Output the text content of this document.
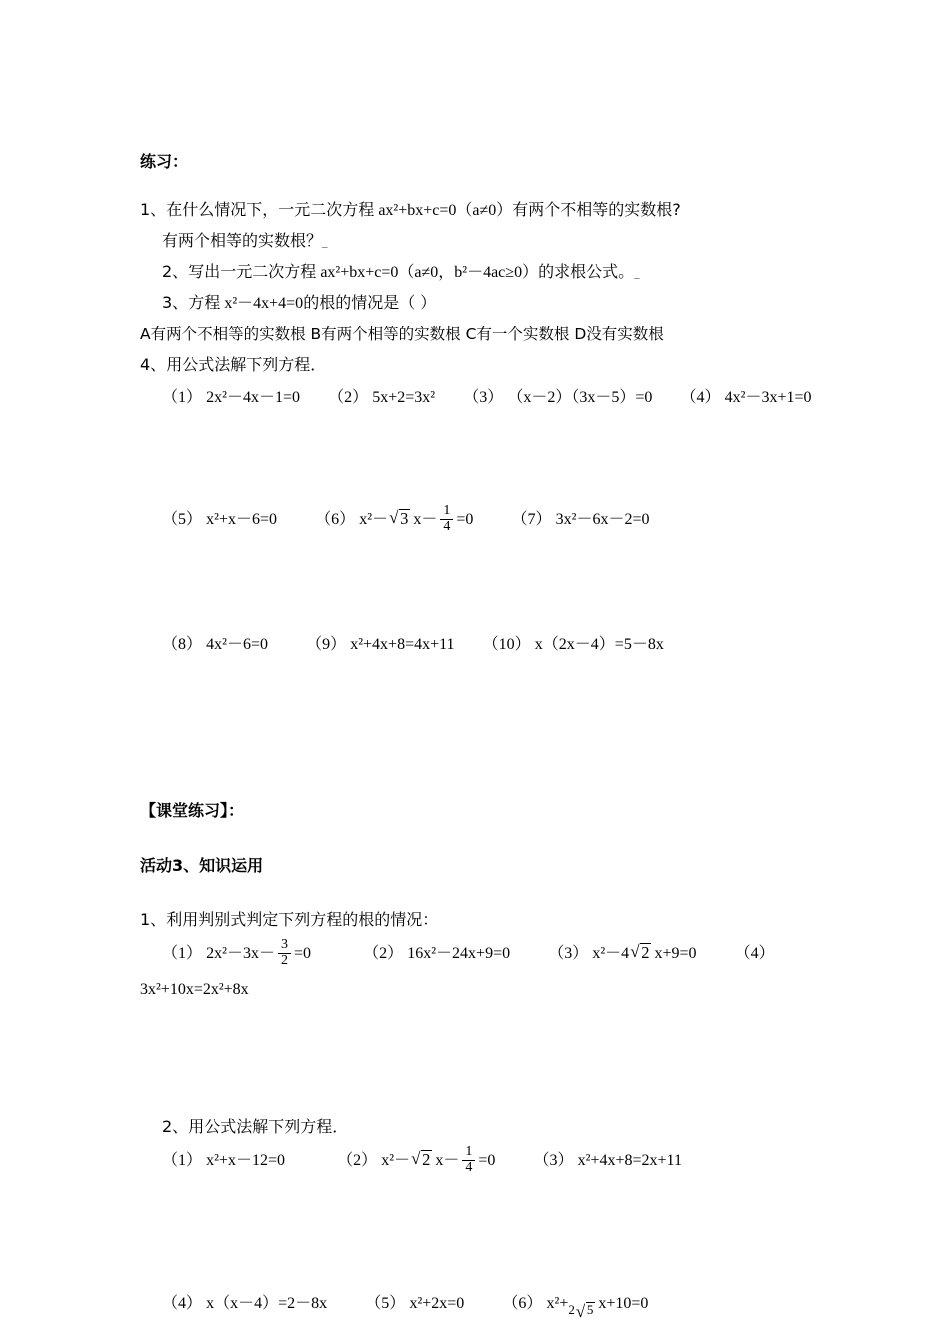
练习：
1、在什么情况下，一元二次方程 ax²+bx+c=0（a≠0）有两个不相等的实数根?
有两个相等的实数根？_
2、写出一元二次方程 ax²+bx+c=0（a≠0，b²－4ac≥0）的求根公式。_
3、方程 x²－4x+4=0的根的情况是（ ）
A有两个不相等的实数根 B有两个相等的实数根 C有一个实数根 D没有实数根
4、用公式法解下列方程．
（1） 2x²－4x－1=0 （2） 5x+2=3x² （3） （x－2）（3x－5）=0 （4） 4x²－3x+1=0
（5） x²+x－6=0 （6） x²－ √ 3 $x- \frac{1}{4} =0$ （7） 3x²－6x－2=0
（8） 4x²－6=0 （9） x²+4x+8=4x+11 （10） x（2x－4）=5－8x
【课堂练习】：
活动3、知识运用
1、利用判别式判定下列方程的根的情况：
（1） $2x^2-3x- \frac{3}{2} =0$	（2） 16x²－24x+9=0 （3） x²－4 √ 2 x+9=0 （4）
3x²+10x=2x²+8x
2、用公式法解下列方程．
（1） x²+x－12=0	（2） x²－ √ 2 $x- \frac{1}{4} =0$ （3） x²+4x+8=2x+11
（4） x（x－4）=2－8x （5） x²+2x=0 （6） $x^2+_2$ √ 5 x+10=0
